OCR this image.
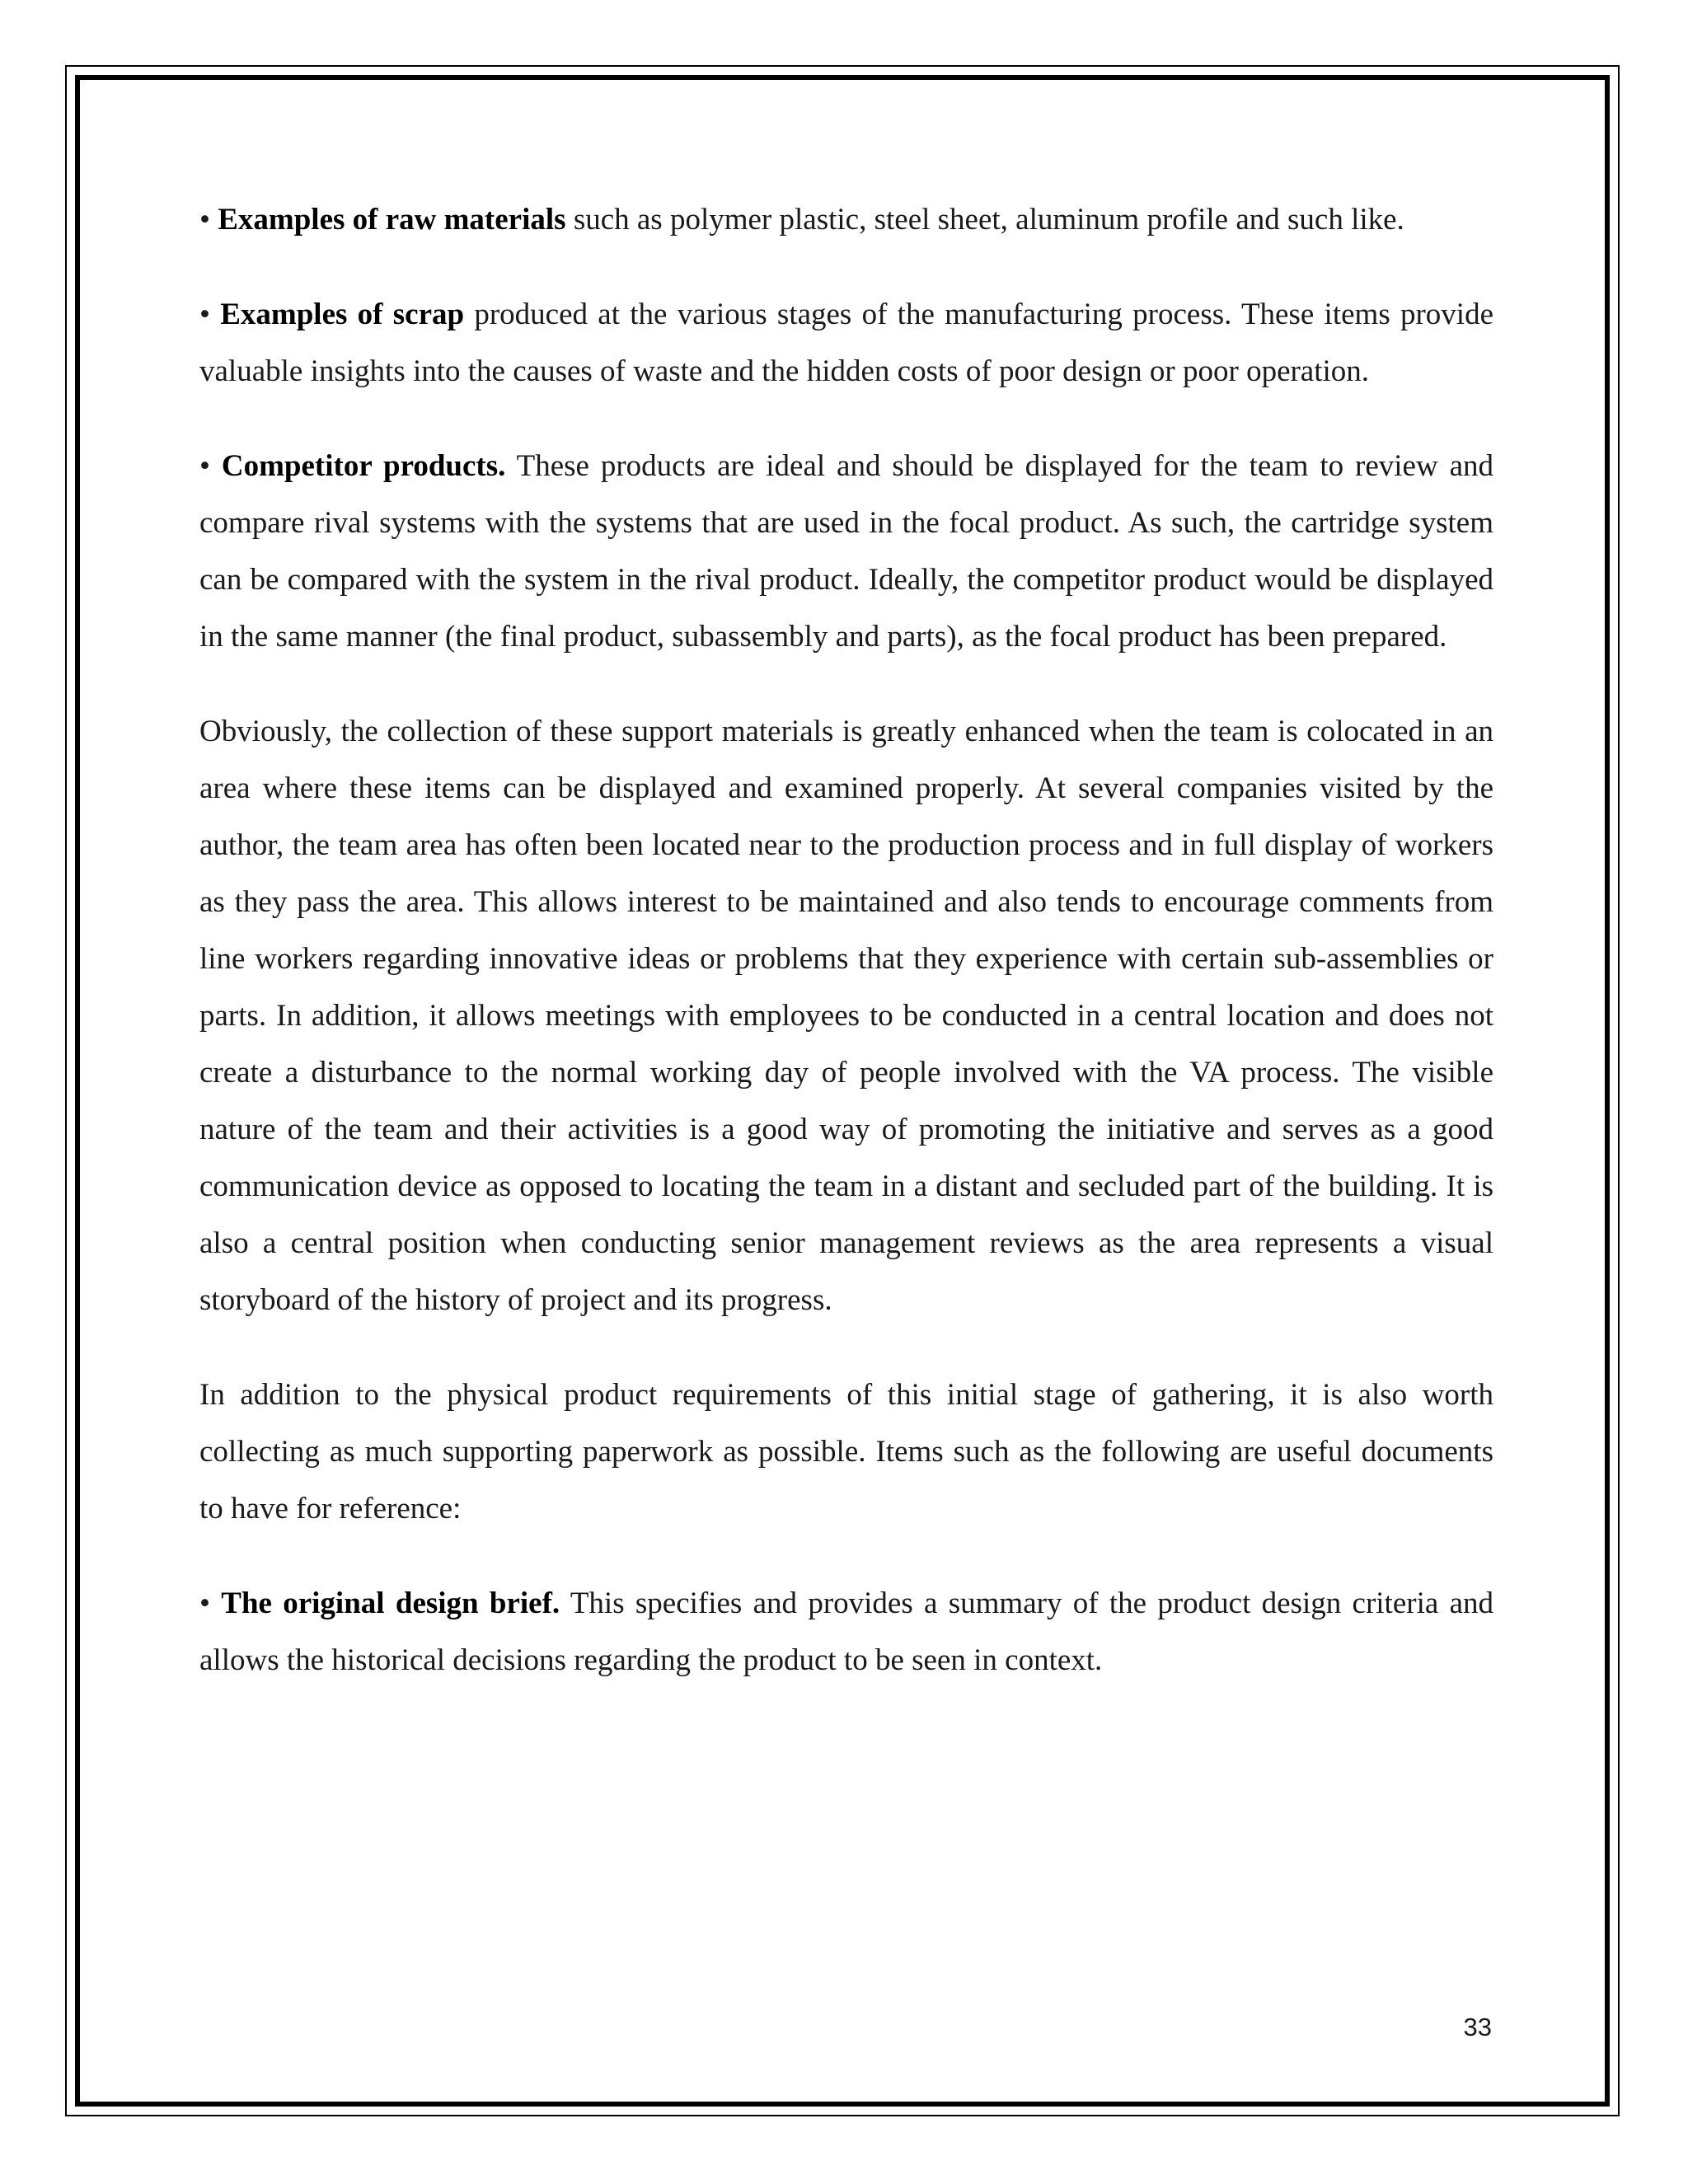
• Examples of raw materials such as polymer plastic, steel sheet, aluminum profile and such like.

• Examples of scrap produced at the various stages of the manufacturing process. These items provide valuable insights into the causes of waste and the hidden costs of poor design or poor operation.

• Competitor products. These products are ideal and should be displayed for the team to review and compare rival systems with the systems that are used in the focal product. As such, the cartridge system can be compared with the system in the rival product. Ideally, the competitor product would be displayed in the same manner (the final product, subassembly and parts), as the focal product has been prepared.

Obviously, the collection of these support materials is greatly enhanced when the team is colocated in an area where these items can be displayed and examined properly. At several companies visited by the author, the team area has often been located near to the production process and in full display of workers as they pass the area. This allows interest to be maintained and also tends to encourage comments from line workers regarding innovative ideas or problems that they experience with certain sub-assemblies or parts. In addition, it allows meetings with employees to be conducted in a central location and does not create a disturbance to the normal working day of people involved with the VA process. The visible nature of the team and their activities is a good way of promoting the initiative and serves as a good communication device as opposed to locating the team in a distant and secluded part of the building. It is also a central position when conducting senior management reviews as the area represents a visual storyboard of the history of project and its progress.

In addition to the physical product requirements of this initial stage of gathering, it is also worth collecting as much supporting paperwork as possible. Items such as the following are useful documents to have for reference:

• The original design brief. This specifies and provides a summary of the product design criteria and allows the historical decisions regarding the product to be seen in context.

33
